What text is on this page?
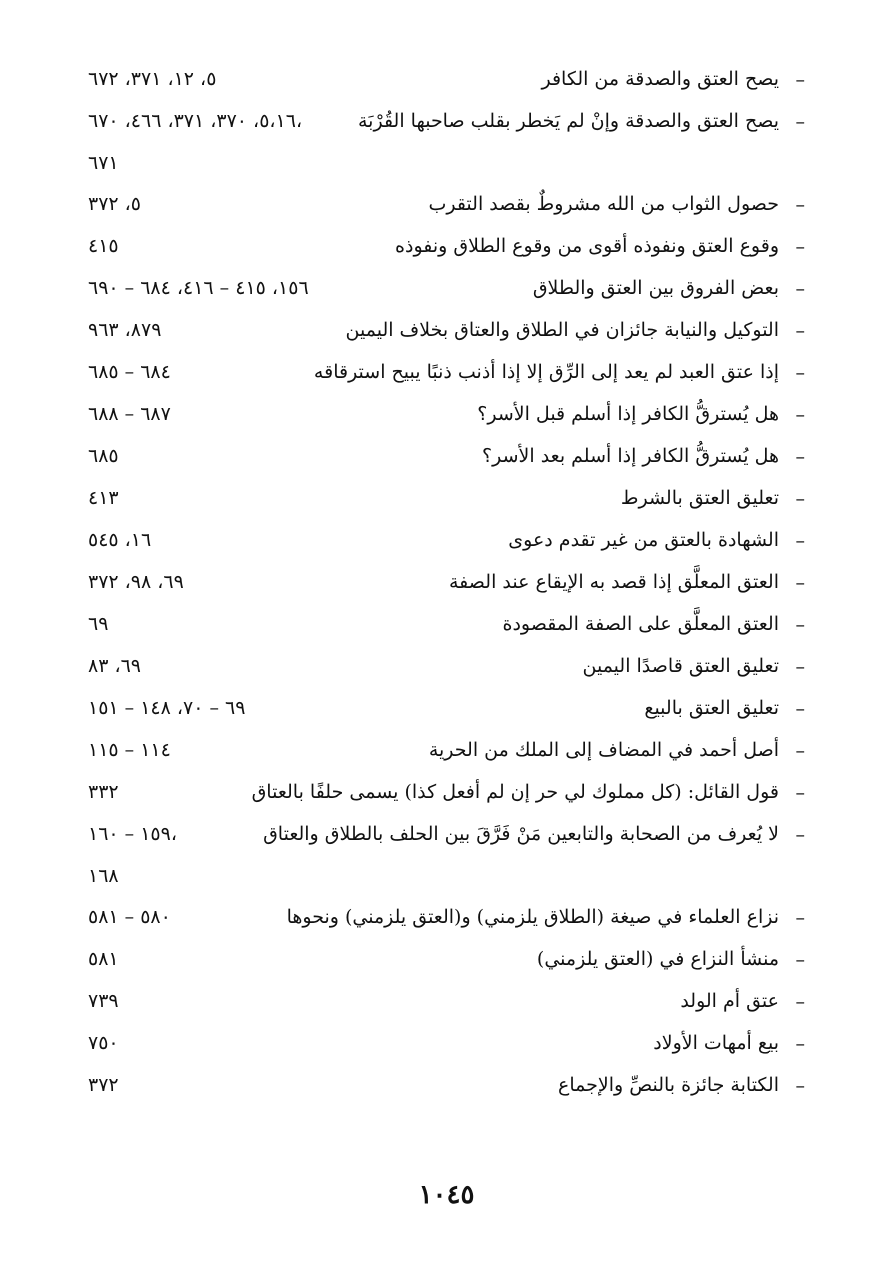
–
يصح العتق والصدقة من الكافر
٥، ١٢، ٣٧١، ٦٧٢
–
يصح العتق والصدقة وإنْ لم يَخطر بقلب صاحبها القُرْبَة
٥،١٦، ٣٧٠، ٣٧١، ٤٦٦، ٦٧٠،
٦٧١
–
حصول الثواب من الله مشروطٌ بقصد التقرب
٥، ٣٧٢
–
وقوع العتق ونفوذه أقوى من وقوع الطلاق ونفوذه
٤١٥
–
بعض الفروق بين العتق والطلاق
١٥٦، ٤١٥ – ٤١٦، ٦٨٤ – ٦٩٠
–
التوكيل والنيابة جائزان في الطلاق والعتاق بخلاف اليمين
٨٧٩، ٩٦٣
–
إذا عتق العبد لم يعد إلى الرِّق إلا إذا أذنب ذنبًا يبيح استرقاقه
٦٨٤ – ٦٨٥
–
هل يُسترقُّ الكافر إذا أسلم قبل الأسر؟
٦٨٧ – ٦٨٨
–
هل يُسترقُّ الكافر إذا أسلم بعد الأسر؟
٦٨٥
–
تعليق العتق بالشرط
٤١٣
–
الشهادة بالعتق من غير تقدم دعوى
١٦، ٥٤٥
–
العتق المعلَّق إذا قصد به الإيقاع عند الصفة
٦٩، ٩٨، ٣٧٢
–
العتق المعلَّق على الصفة المقصودة
٦٩
–
تعليق العتق قاصدًا اليمين
٦٩، ٨٣
–
تعليق العتق بالبيع
٦٩ – ٧٠، ١٤٨ – ١٥١
–
أصل أحمد في المضاف إلى الملك من الحرية
١١٤ – ١١٥
–
قول القائل: (كل مملوك لي حر إن لم أفعل كذا) يسمى حلفًا بالعتاق
٣٣٢
–
لا يُعرف من الصحابة والتابعين مَنْ فَرَّقَ بين الحلف بالطلاق والعتاق
١٥٩ – ١٦٠،
١٦٨
–
نزاع العلماء في صيغة (الطلاق يلزمني) و(العتق يلزمني) ونحوها
٥٨٠ – ٥٨١
–
منشأ النزاع في (العتق يلزمني)
٥٨١
–
عتق أم الولد
٧٣٩
–
بيع أمهات الأولاد
٧٥٠
–
الكتابة جائزة بالنصِّ والإجماع
٣٧٢
١٠٤٥
